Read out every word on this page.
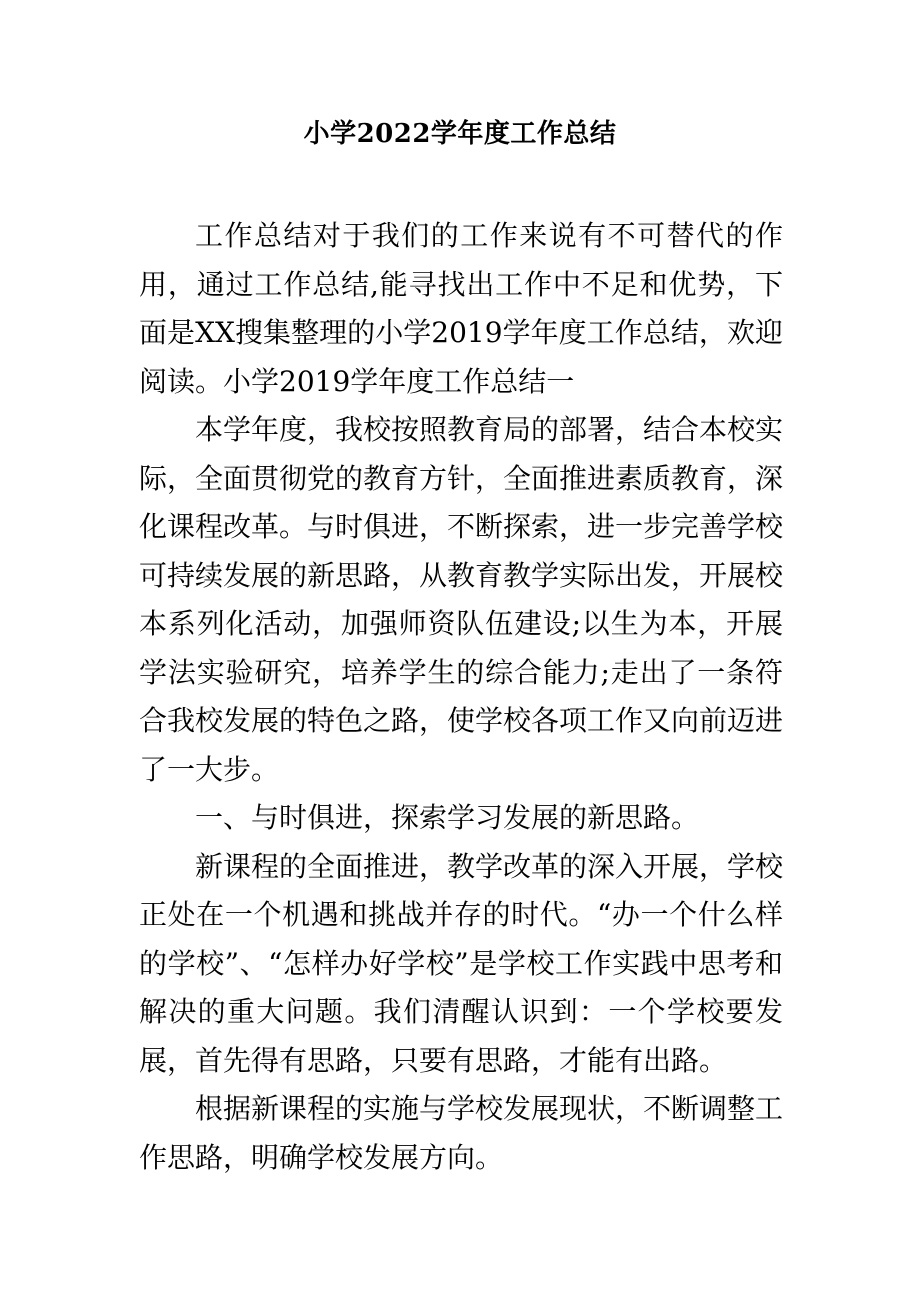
小学2022学年度工作总结

工作总结对于我们的工作来说有不可替代的作用，通过工作总结,能寻找出工作中不足和优势，下面是XX搜集整理的小学2019学年度工作总结，欢迎阅读。小学2019学年度工作总结一

本学年度，我校按照教育局的部署，结合本校实际，全面贯彻党的教育方针，全面推进素质教育，深化课程改革。与时俱进，不断探索，进一步完善学校可持续发展的新思路，从教育教学实际出发，开展校本系列化活动，加强师资队伍建设;以生为本，开展学法实验研究，培养学生的综合能力;走出了一条符合我校发展的特色之路，使学校各项工作又向前迈进了一大步。

一、与时俱进，探索学习发展的新思路。

新课程的全面推进，教学改革的深入开展，学校正处在一个机遇和挑战并存的时代。“办一个什么样的学校”、“怎样办好学校”是学校工作实践中思考和解决的重大问题。我们清醒认识到：一个学校要发展，首先得有思路，只要有思路，才能有出路。

根据新课程的实施与学校发展现状，不断调整工作思路，明确学校发展方向。
